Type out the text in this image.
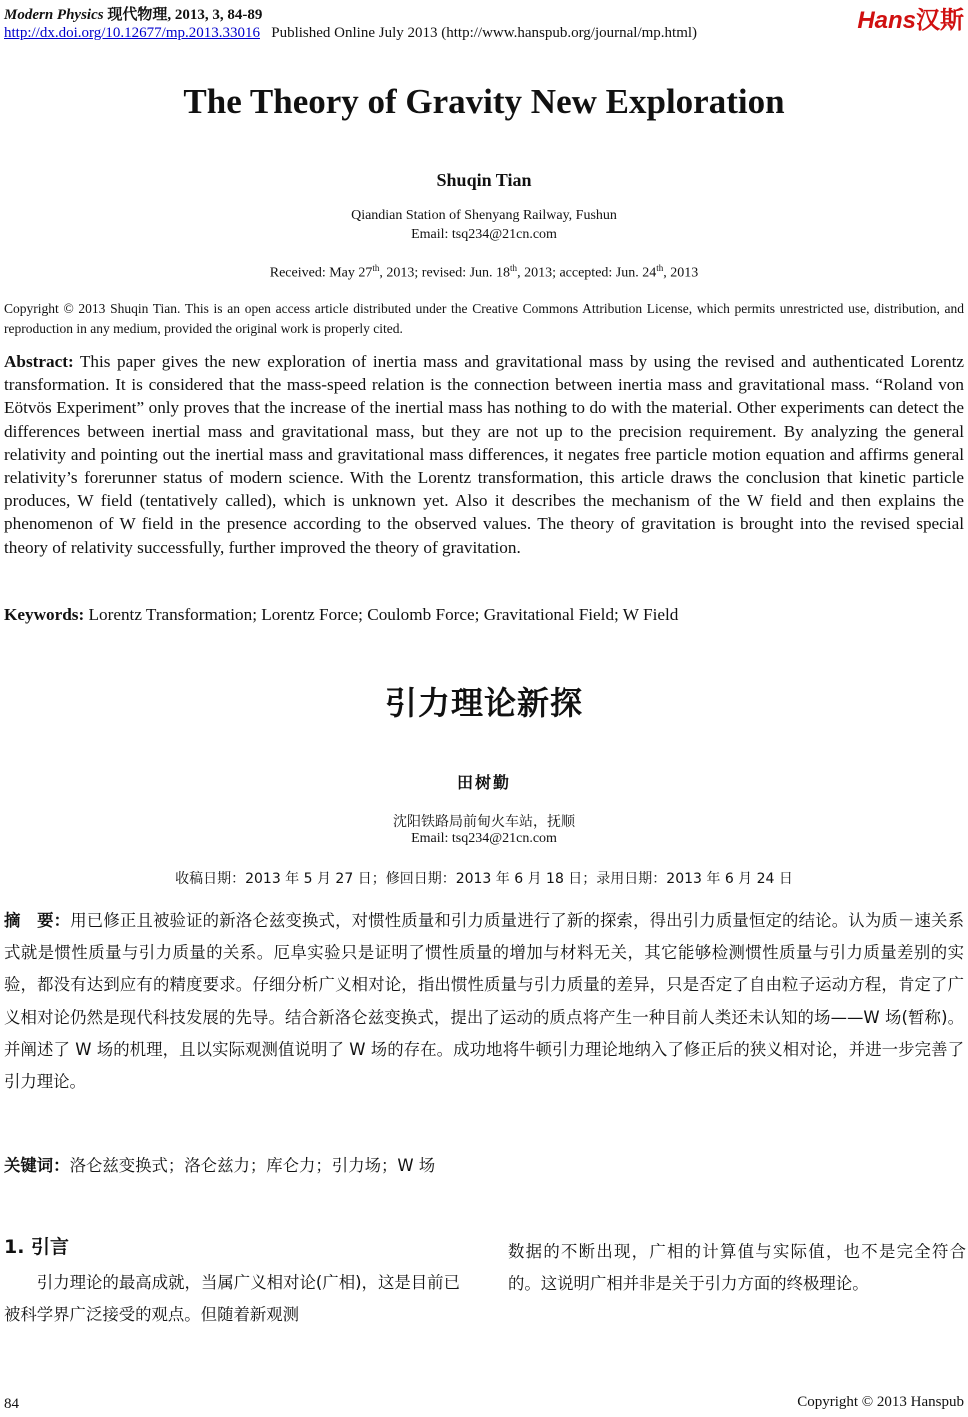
Modern Physics 现代物理, 2013, 3, 84-89
http://dx.doi.org/10.12677/mp.2013.33016 Published Online July 2013 (http://www.hanspub.org/journal/mp.html)	Hans汉斯
The Theory of Gravity New Exploration
Shuqin Tian
Qiandian Station of Shenyang Railway, Fushun
Email: tsq234@21cn.com
Received: May 27th, 2013; revised: Jun. 18th, 2013; accepted: Jun. 24th, 2013
Copyright © 2013 Shuqin Tian. This is an open access article distributed under the Creative Commons Attribution License, which permits unrestricted use, distribution, and reproduction in any medium, provided the original work is properly cited.
Abstract: This paper gives the new exploration of inertia mass and gravitational mass by using the revised and authenticated Lorentz transformation. It is considered that the mass-speed relation is the connection between inertia mass and gravitational mass. “Roland von Eötvös Experiment” only proves that the increase of the inertial mass has nothing to do with the material. Other experiments can detect the differences between inertial mass and gravitational mass, but they are not up to the precision requirement. By analyzing the general relativity and pointing out the inertial mass and gravitational mass differences, it negates free particle motion equation and affirms general relativity’s forerunner status of modern science. With the Lorentz transformation, this article draws the conclusion that kinetic particle produces, W field (tentatively called), which is unknown yet. Also it describes the mechanism of the W field and then explains the phenomenon of W field in the presence according to the observed values. The theory of gravitation is brought into the revised special theory of relativity successfully, further improved the theory of gravitation.
Keywords: Lorentz Transformation; Lorentz Force; Coulomb Force; Gravitational Field; W Field
引力理论新探
田树勤
沈阳铁路局前甸火车站，抚顺
Email: tsq234@21cn.com
收稿日期：2013 年 5 月 27 日；修回日期：2013 年 6 月 18 日；录用日期：2013 年 6 月 24 日
摘　要：用已修正且被验证的新洛仑兹变换式，对惯性质量和引力质量进行了新的探索，得出引力质量恒定的结论。认为质－速关系式就是惯性质量与引力质量的关系。厄阜实验只是证明了惯性质量的增加与材料无关，其它能够检测惯性质量与引力质量差别的实验，都没有达到应有的精度要求。仔细分析广义相对论，指出惯性质量与引力质量的差异，只是否定了自由粒子运动方程，肯定了广义相对论仍然是现代科技发展的先导。结合新洛仑兹变换式，提出了运动的质点将产生一种目前人类还未认知的场——W 场(暂称)。并阐述了 W 场的机理，且以实际观测值说明了 W 场的存在。成功地将牛顿引力理论地纳入了修正后的狭义相对论，并进一步完善了引力理论。
关键词：洛仑兹变换式；洛仑兹力；库仑力；引力场；W 场
1. 引言
引力理论的最高成就，当属广义相对论(广相)，这是目前已被科学界广泛接受的观点。但随着新观测
数据的不断出现，广相的计算值与实际值，也不是完全符合的。这说明广相并非是关于引力方面的终极理论。
84	Copyright © 2013 Hanspub
